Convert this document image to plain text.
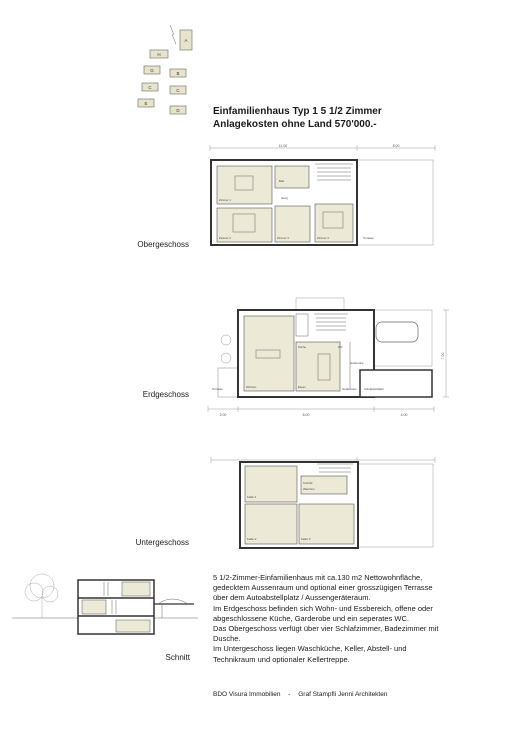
A
H
G
B
C
C
E
D	Einfamilienhaus Typ 1 5 1/2 Zimmer
Anlagekosten ohne Land 570'000.-
Obergeschoss
11.00	8.00
Zimmer 1
Zimmer 2	Zimmer 3	Zimmer 4
Bad
Gang
Terrasse
Erdgeschoss
Wohnen
Küche
Essen
Garderobe
WC
Terrasse	Autoabstellplatz
Gerätehaus
2.00	6.00	4.00
7.00
Untergeschoss
Keller 1
Technik
Keller 2
Waschen
Keller 3
Schnitt

5 1/2-Zimmer-Einfamilienhaus mit ca.130 m2 Nettowohnfläche,

gedecktem Aussenraum und optional einer grosszügigen Terrasse

über dem Autoabstellplatz / Aussengeräteraum.

Im Erdgeschoss befinden sich Wohn- und Essbereich, offene oder

abgeschlossene Küche, Garderobe und ein seperates WC.

Das Obergeschoss verfügt über vier Schlafzimmer, Badezimmer mit

Dusche.

Im Untergeschoss liegen Waschküche, Keller, Abstell- und

Technikraum und optionaler Kellertreppe.

BDO Visura Immobilien - Graf Stampfli Jenni Architekten
